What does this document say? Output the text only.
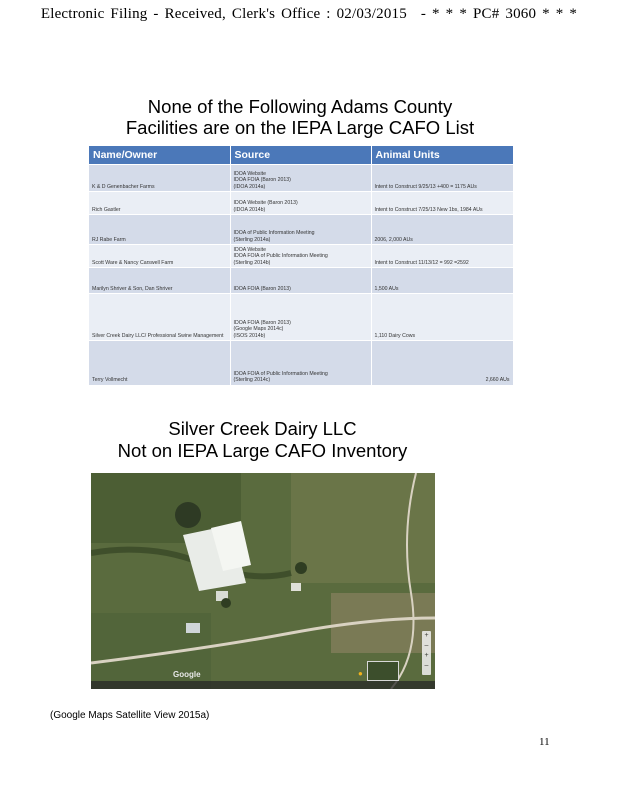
Electronic Filing - Received, Clerk's Office : 02/03/2015 - * * * PC# 3060 * * *
None of the Following Adams County
Facilities are on the IEPA Large CAFO List
Name/Owner	Source	Animal Units
K & D Genenbacher Farms	IDOA Website
IDOA FOIA (Baron 2013)
(IDOA 2014a)	Intent to Construct 9/25/13 +400 = 1175 AUs
Rich Gastler	IDOA Website (Baron 2013)
(IDOA 2014b)	Intent to Construct 7/25/13 New 1bs, 1984 AUs
RJ Rabe Farm	IDOA of Public Information Meeting
(Sterling 2014a)	2006, 2,000 AUs
Scott Ware & Nancy Carswell Farm	IDOA Website
IDOA FOIA of Public Information Meeting
(Sterling 2014b)	Intent to Construct 11/13/12 = 992 =2592
Marilyn Shriver & Son, Dan Shriver	IDOA FOIA (Baron 2013)	1,500 AUs
Silver Creek Dairy LLC/ Professional Swine Management	IDOA FOIA (Baron 2013)
(Google Maps 2014c)
(ISOS 2014b)	1,110 Dairy Cows
Terry Vollmecht	IDOA FOIA of Public Information Meeting
(Sterling 2014c)	2,660 AUs
Silver Creek Dairy LLC
Not on IEPA Large CAFO Inventory
●
+
–
+
–
Google
(Google Maps Satellite View 2015a)
11
